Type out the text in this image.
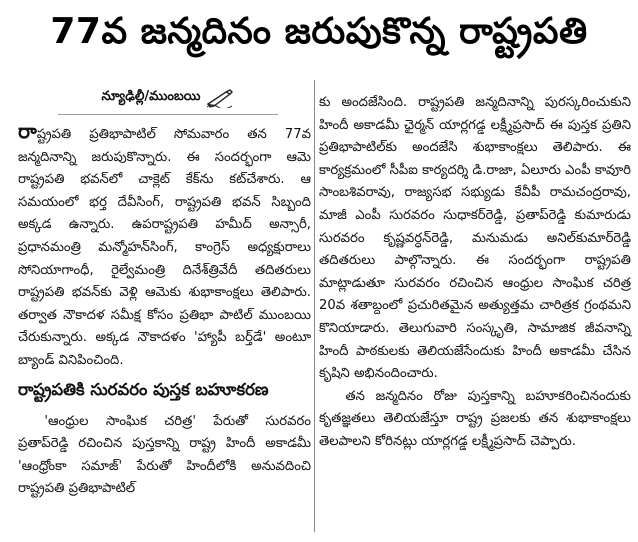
77వ జన్మదినం జరుపుకొన్న రాష్ట్రపతి
న్యూఢిల్లీ/ముంబయి

రాష్ట్రపతి ప్రతిభాపాటిల్ సోమవారం తన 77వ జన్మదినాన్ని జరుపుకొన్నారు. ఈ సందర్భంగా ఆమె రాష్ట్రపతి భవన్‌లో చాక్లెట్ కేక్‌ను కట్‌చేశారు. ఆ సమయంలో భర్త దేవీసింగ్, రాష్ట్రపతి భవన్ సిబ్బంది అక్కడ ఉన్నారు. ఉపరాష్ట్రపతి హమీద్ అన్సారీ, ప్రధానమంత్రి మన్మోహన్‌సింగ్, కాంగ్రెస్ అధ్యక్షురాలు సోనియాగాంధీ, రైల్వేమంత్రి దినేశ్‌త్రివేదీ తదితరులు రాష్ట్రపతి భవన్‌కు వెళ్లి ఆమెకు శుభాకాంక్షలు తెలిపారు. తర్వాత నౌకాదళ సమీక్ష కోసం ప్రతిభా పాటిల్ ముంబయి చేరుకున్నారు. అక్కడ నౌకాదళం 'హ్యాపీ బర్త్‌డే' అంటూ బ్యాండ్ వినిపించింది.

రాష్ట్రపతికి సురవరం పుస్తక బహూకరణ

'ఆంధ్రుల సాంఘిక చరిత్ర' పేరుతో సురవరం ప్రతాప్‌రెడ్డి రచించిన పుస్తకాన్ని రాష్ట్ర హిందీ అకాడమీ 'ఆంధ్రోంకా సమాజ్' పేరుతో హిందీలోకి అనువదించి రాష్ట్రపతి ప్రతిభాపాటిల్

కు అందజేసింది. రాష్ట్రపతి జన్మదినాన్ని పురస్కరించుకుని హిందీ అకాడమీ ఛైర్మన్ యార్లగడ్డ లక్ష్మీప్రసాద్ ఈ పుస్తక ప్రతిని ప్రతిభాపాటిల్‌కు అందజేసి శుభాకాంక్షలు తెలిపారు. ఈ కార్యక్రమంలో సీపీఐ కార్యదర్శి డి.రాజా, ఏలూరు ఎంపీ కావూరి సాంబశివరావు, రాజ్యసభ సభ్యుడు కేవీపీ రామచంద్రరావు, మాజీ ఎంపీ సురవరం సుధాకర్‌రెడ్డి, ప్రతాప్‌రెడ్డి కుమారుడు సురవరం కృష్ణవర్ధన్‌రెడ్డి, మనుమడు అనిల్‌కుమార్‌రెడ్డి తదితరులు పాల్గొన్నారు. ఈ సందర్భంగా రాష్ట్రపతి మాట్లాడుతూ సురవరం రచించిన ఆంధ్రుల సాంఘిక చరిత్ర 20వ శతాబ్దంలో ప్రచురితమైన అత్యుత్తమ చారిత్రక గ్రంథమని కొనియాడారు. తెలుగువారి సంస్కృతి, సామాజిక జీవనాన్ని హిందీ పాఠకులకు తెలియజేసేందుకు హిందీ అకాడమీ చేసిన కృషిని అభినందించారు.

తన జన్మదినం రోజు పుస్తకాన్ని బహూకరించినందుకు కృతజ్ఞతలు తెలియజేస్తూ రాష్ట్ర ప్రజలకు తన శుభాకాంక్షలు తెలపాలని కోరినట్లు యార్లగడ్డ లక్ష్మీప్రసాద్ చెప్పారు.
